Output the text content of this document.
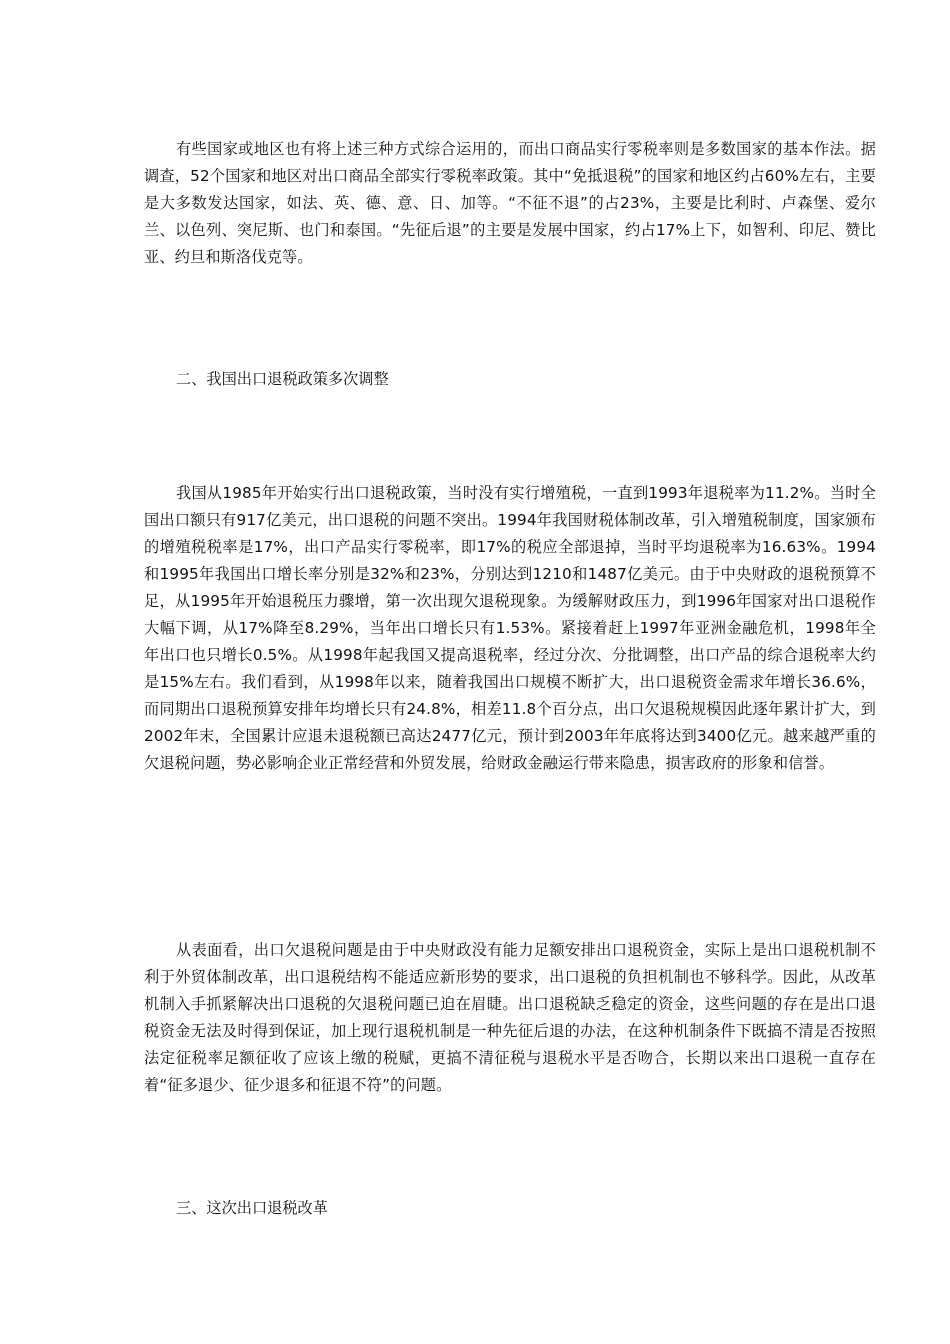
有些国家或地区也有将上述三种方式综合运用的，而出口商品实行零税率则是多数国家的基本作法。据调查，52个国家和地区对出口商品全部实行零税率政策。其中“免抵退税”的国家和地区约占60%左右，主要是大多数发达国家，如法、英、德、意、日、加等。“不征不退”的占23%，主要是比利时、卢森堡、爱尔兰、以色列、突尼斯、也门和泰国。“先征后退”的主要是发展中国家，约占17%上下，如智利、印尼、赞比亚、约旦和斯洛伐克等。

二、我国出口退税政策多次调整

我国从1985年开始实行出口退税政策，当时没有实行增殖税，一直到1993年退税率为11.2%。当时全国出口额只有917亿美元，出口退税的问题不突出。1994年我国财税体制改革，引入增殖税制度，国家颁布的增殖税税率是17%，出口产品实行零税率，即17%的税应全部退掉，当时平均退税率为16.63%。1994和1995年我国出口增长率分别是32%和23%，分别达到1210和1487亿美元。由于中央财政的退税预算不足，从1995年开始退税压力骤增，第一次出现欠退税现象。为缓解财政压力，到1996年国家对出口退税作大幅下调，从17%降至8.29%，当年出口增长只有1.53%。紧接着赶上1997年亚洲金融危机，1998年全年出口也只增长0.5%。从1998年起我国又提高退税率，经过分次、分批调整，出口产品的综合退税率大约是15%左右。我们看到，从1998年以来，随着我国出口规模不断扩大，出口退税资金需求年增长36.6%，而同期出口退税预算安排年均增长只有24.8%，相差11.8个百分点，出口欠退税规模因此逐年累计扩大，到2002年末，全国累计应退未退税额已高达2477亿元，预计到2003年年底将达到3400亿元。越来越严重的欠退税问题，势必影响企业正常经营和外贸发展，给财政金融运行带来隐患，损害政府的形象和信誉。

从表面看，出口欠退税问题是由于中央财政没有能力足额安排出口退税资金，实际上是出口退税机制不利于外贸体制改革，出口退税结构不能适应新形势的要求，出口退税的负担机制也不够科学。因此，从改革机制入手抓紧解决出口退税的欠退税问题已迫在眉睫。出口退税缺乏稳定的资金，这些问题的存在是出口退税资金无法及时得到保证，加上现行退税机制是一种先征后退的办法，在这种机制条件下既搞不清是否按照法定征税率足额征收了应该上缴的税赋，更搞不清征税与退税水平是否吻合，长期以来出口退税一直存在着“征多退少、征少退多和征退不符”的问题。

三、这次出口退税改革
